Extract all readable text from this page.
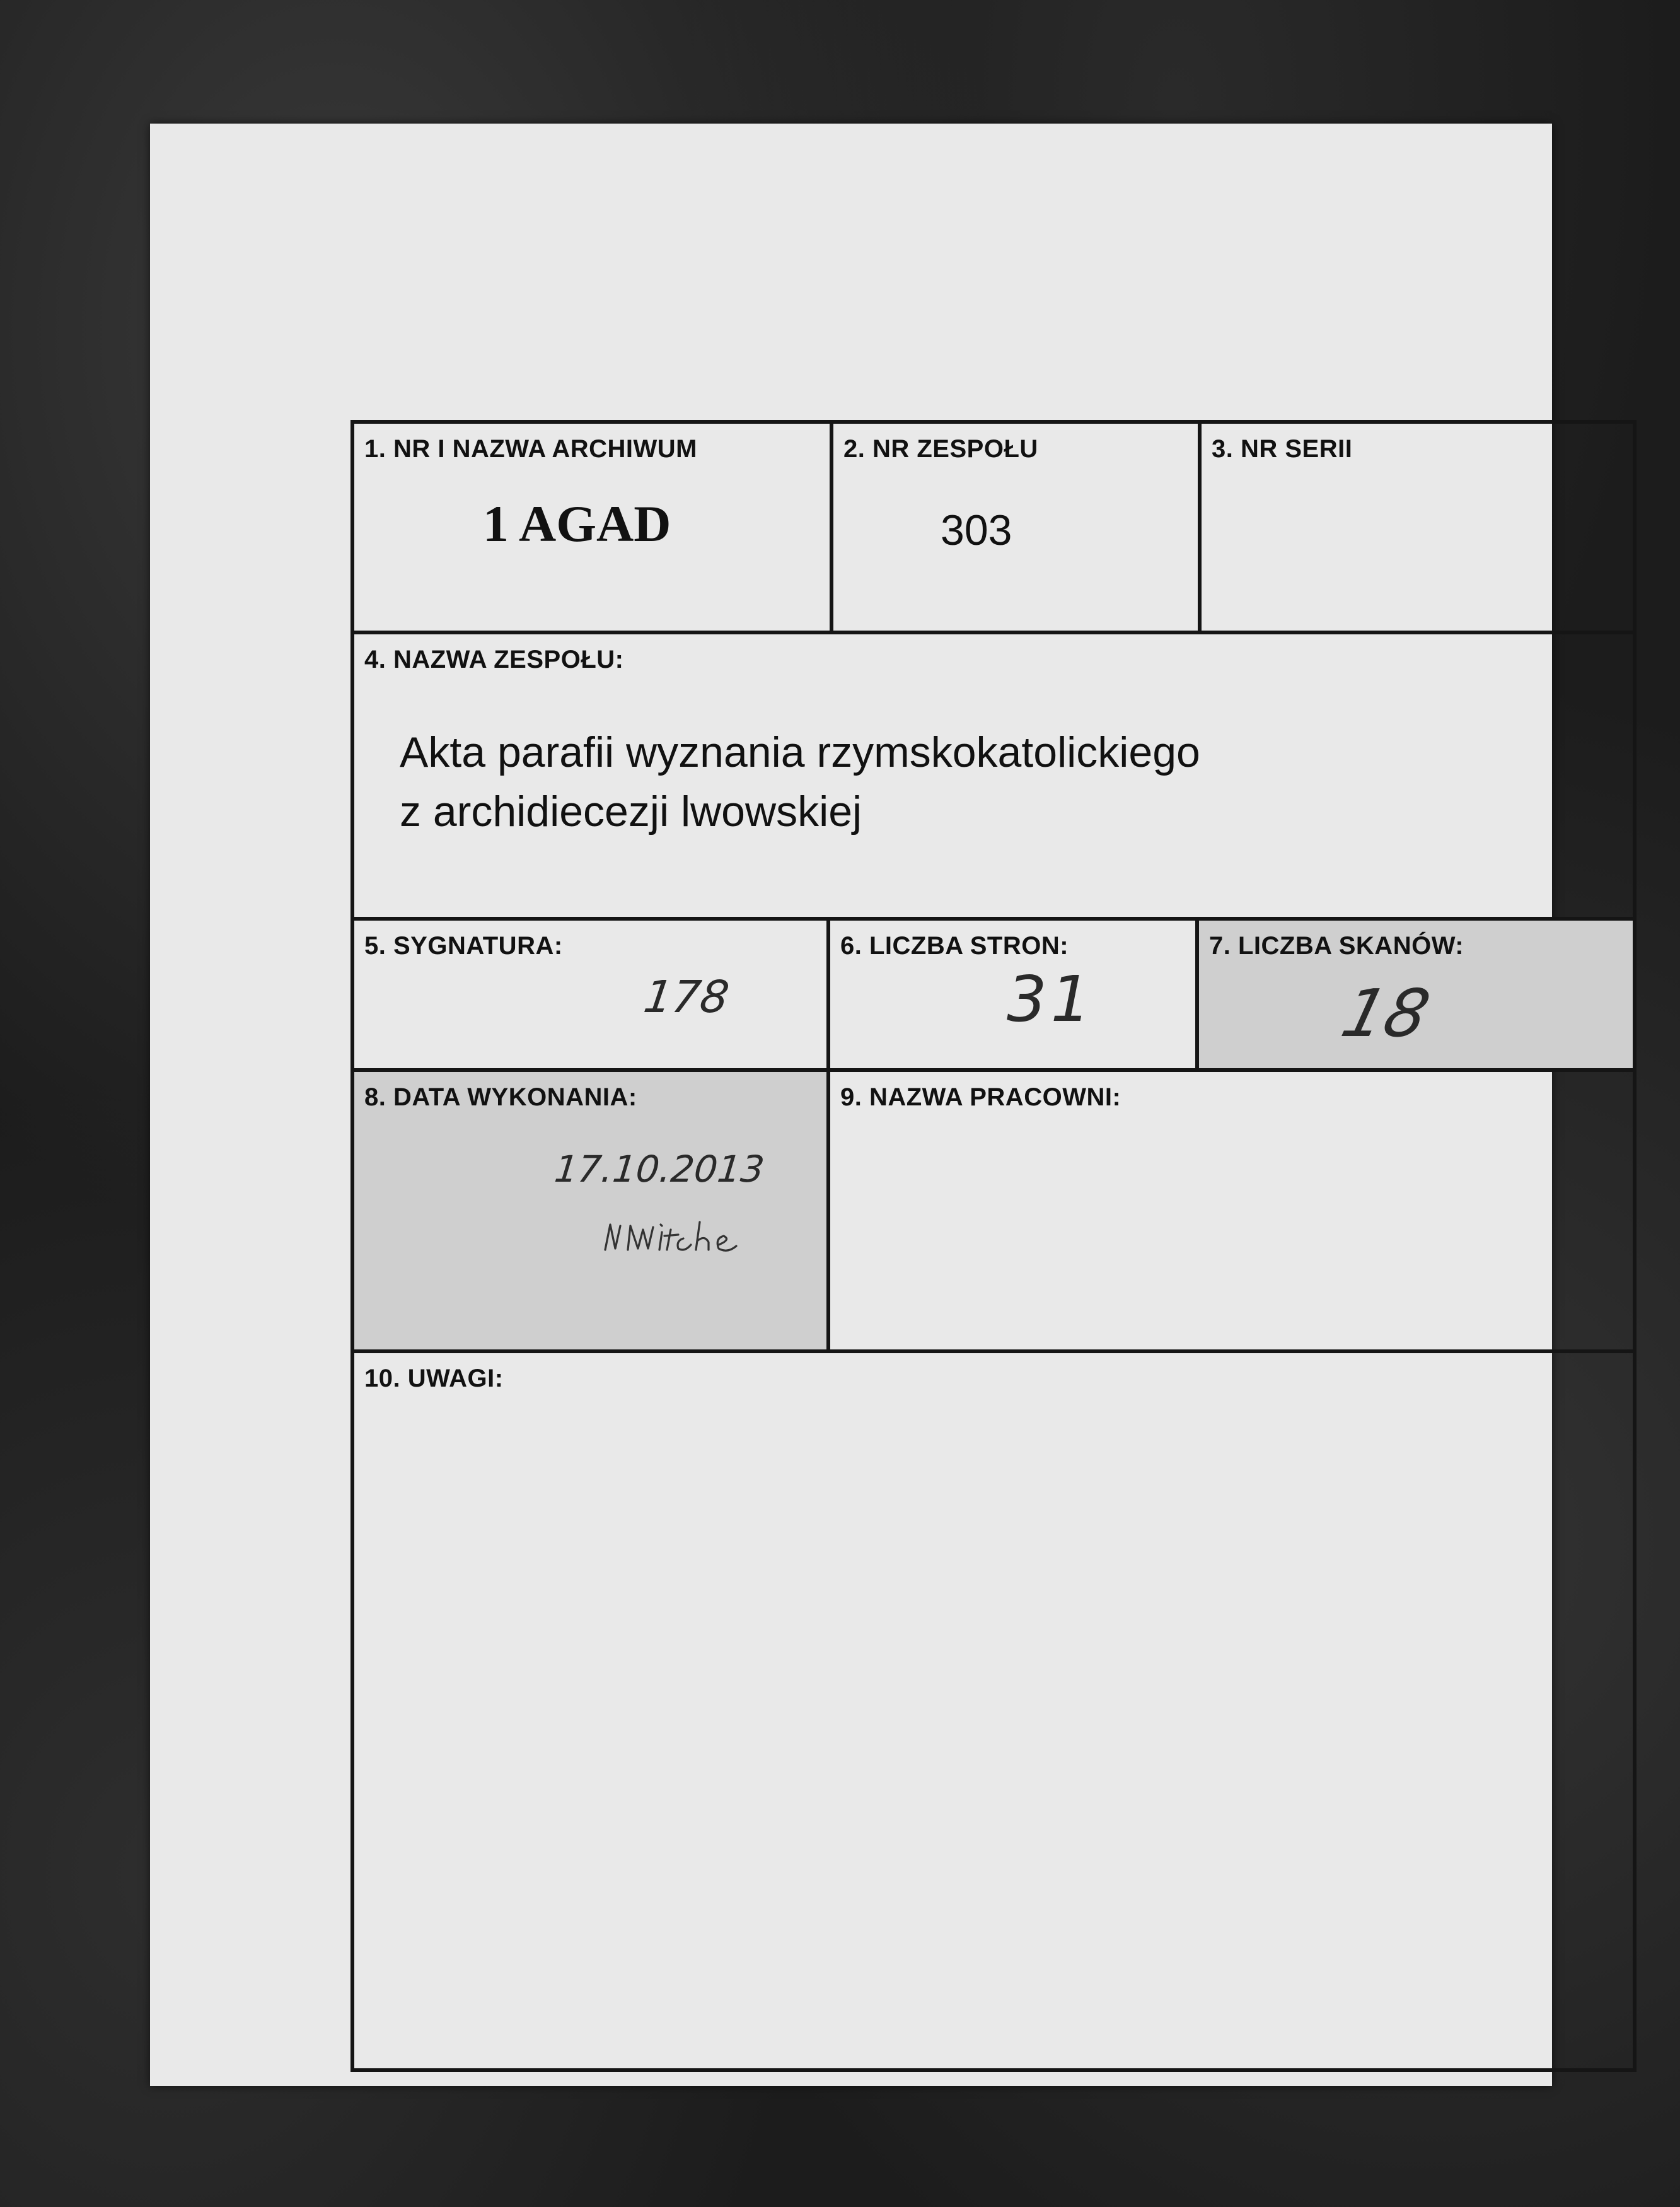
1. NR I NAZWA ARCHIWUM
1 AGAD
2. NR ZESPOŁU
303
3. NR SERII
4. NAZWA ZESPOŁU:
Akta parafii wyznania rzymskokatolickiego
z archidiecezji lwowskiej
5. SYGNATURA:
178
6. LICZBA STRON:
31
7. LICZBA SKANÓW:
18
8. DATA WYKONANIA:
17.10.2013
9. NAZWA PRACOWNI:
10. UWAGI:
